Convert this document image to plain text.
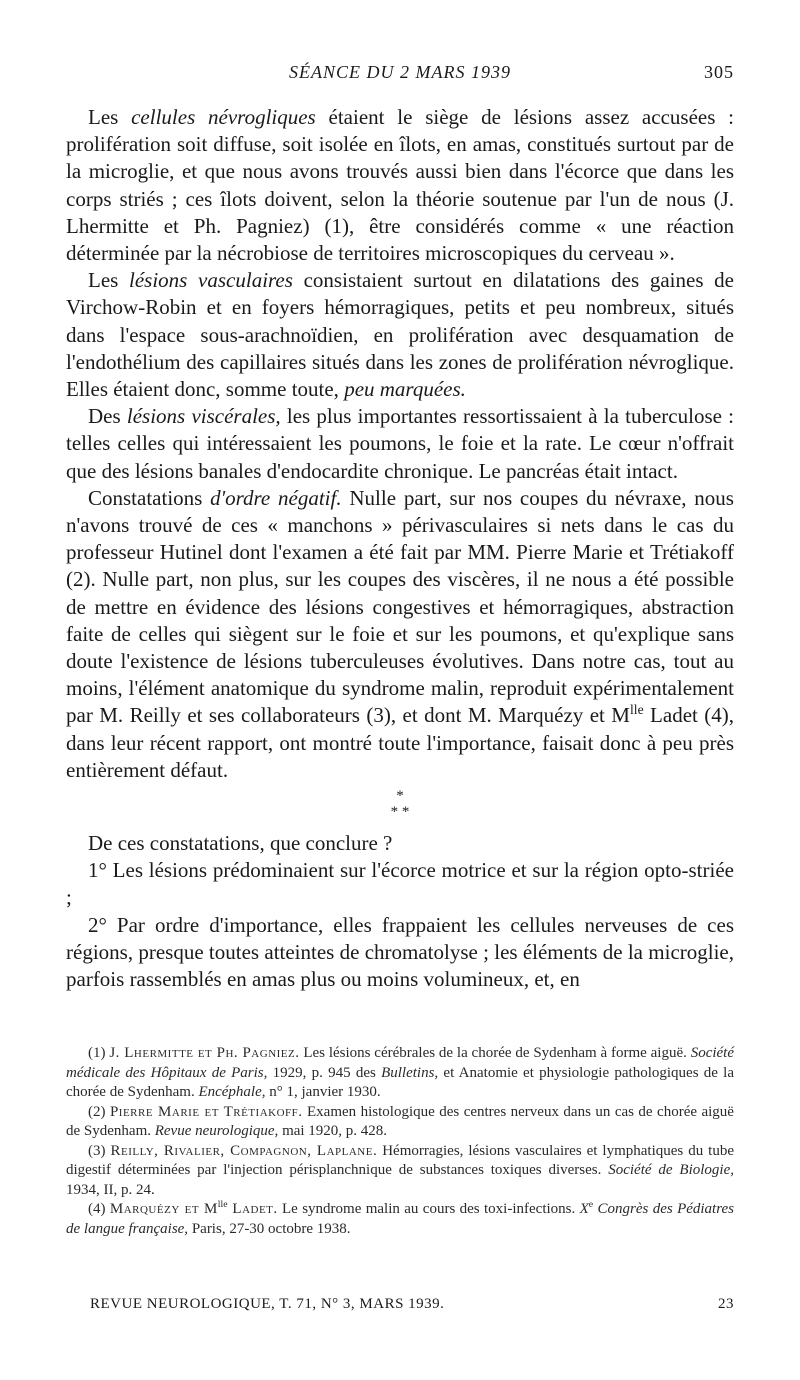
SÉANCE DU 2 MARS 1939	305

Les cellules névrogliques étaient le siège de lésions assez accusées : prolifération soit diffuse, soit isolée en îlots, en amas, constitués surtout par de la microglie, et que nous avons trouvés aussi bien dans l'écorce que dans les corps striés ; ces îlots doivent, selon la théorie soutenue par l'un de nous (J. Lhermitte et Ph. Pagniez) (1), être considérés comme « une réaction déterminée par la nécrobiose de territoires microscopiques du cerveau ».

Les lésions vasculaires consistaient surtout en dilatations des gaines de Virchow-Robin et en foyers hémorragiques, petits et peu nombreux, situés dans l'espace sous-arachnoïdien, en prolifération avec desquamation de l'endothélium des capillaires situés dans les zones de prolifération névroglique. Elles étaient donc, somme toute, peu marquées.

Des lésions viscérales, les plus importantes ressortissaient à la tuberculose : telles celles qui intéressaient les poumons, le foie et la rate. Le cœur n'offrait que des lésions banales d'endocardite chronique. Le pancréas était intact.

Constatations d'ordre négatif. Nulle part, sur nos coupes du névraxe, nous n'avons trouvé de ces « manchons » périvasculaires si nets dans le cas du professeur Hutinel dont l'examen a été fait par MM. Pierre Marie et Trétiakoff (2). Nulle part, non plus, sur les coupes des viscères, il ne nous a été possible de mettre en évidence des lésions congestives et hémorragiques, abstraction faite de celles qui siègent sur le foie et sur les poumons, et qu'explique sans doute l'existence de lésions tuberculeuses évolutives. Dans notre cas, tout au moins, l'élément anatomique du syndrome malin, reproduit expérimentalement par M. Reilly et ses collaborateurs (3), et dont M. Marquézy et $M^{lle}$ Ladet (4), dans leur récent rapport, ont montré toute l'importance, faisait donc à peu près entièrement défaut.

*
* *

De ces constatations, que conclure ?

1° Les lésions prédominaient sur l'écorce motrice et sur la région opto-striée ;

2° Par ordre d'importance, elles frappaient les cellules nerveuses de ces régions, presque toutes atteintes de chromatolyse ; les éléments de la microglie, parfois rassemblés en amas plus ou moins volumineux, et, en

(1) J. Lhermitte et Ph. Pagniez. Les lésions cérébrales de la chorée de Sydenham à forme aiguë. Société médicale des Hôpitaux de Paris, 1929, p. 945 des Bulletins, et Anatomie et physiologie pathologiques de la chorée de Sydenham. Encéphale, n° 1, janvier 1930.

(2) Pierre Marie et Trétiakoff. Examen histologique des centres nerveux dans un cas de chorée aiguë de Sydenham. Revue neurologique, mai 1920, p. 428.

(3) Reilly, Rivalier, Compagnon, Laplane. Hémorragies, lésions vasculaires et lymphatiques du tube digestif déterminées par l'injection périsplanchnique de substances toxiques diverses. Société de Biologie, 1934, II, p. 24.

(4) Marquézy et $M^{lle}$ Ladet. Le syndrome malin au cours des toxi-infections. Xe Congrès des Pédiatres de langue française, Paris, 27-30 octobre 1938.

REVUE NEUROLOGIQUE, T. 71, N° 3, MARS 1939.	23
